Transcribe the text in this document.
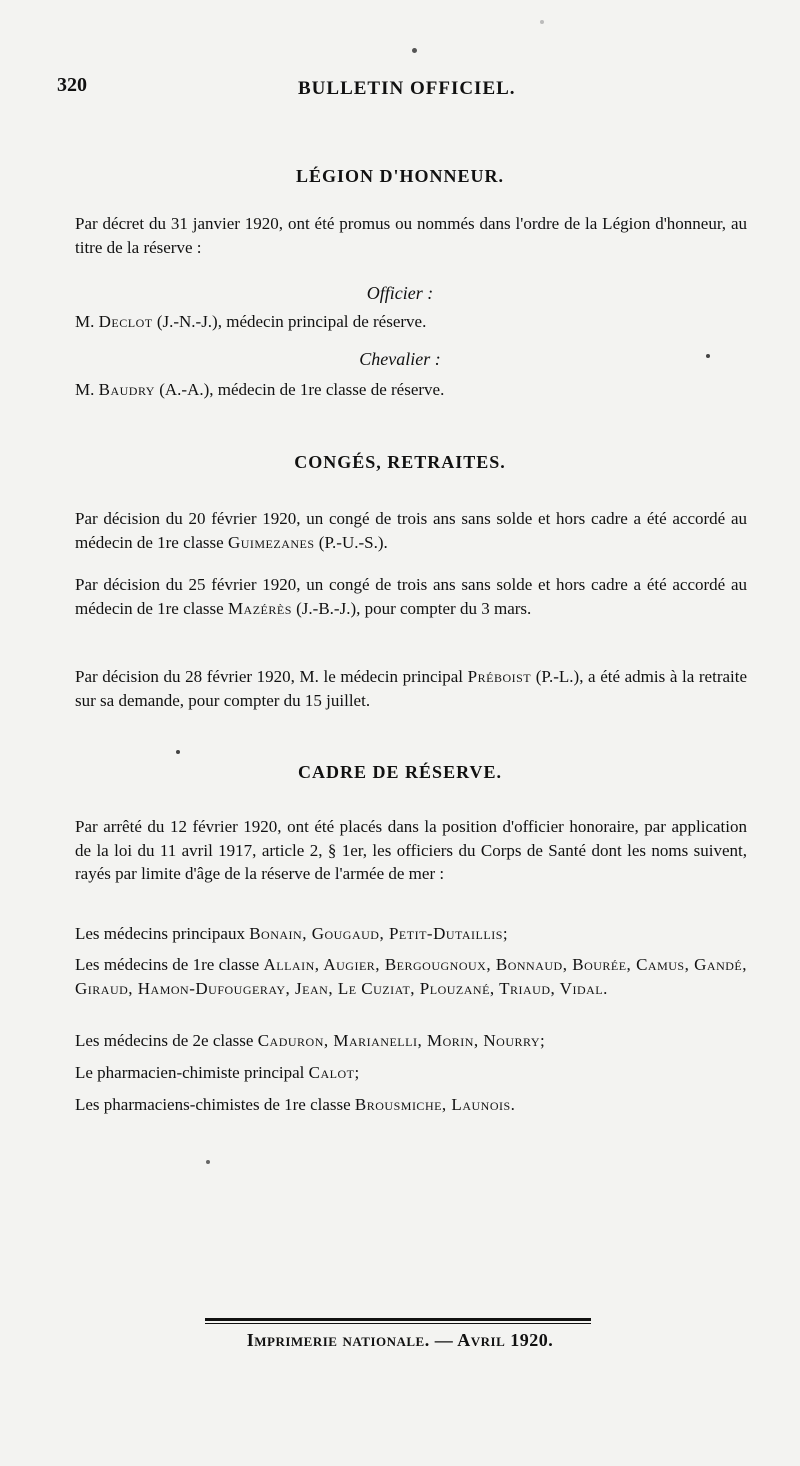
320	BULLETIN OFFICIEL.
LÉGION D'HONNEUR.
Par décret du 31 janvier 1920, ont été promus ou nommés dans l'ordre de la Légion d'honneur, au titre de la réserve :
Officier :
M. Declot (J.-N.-J.), médecin principal de réserve.
Chevalier :
M. Baudry (A.-A.), médecin de 1re classe de réserve.
CONGÉS, RETRAITES.
Par décision du 20 février 1920, un congé de trois ans sans solde et hors cadre a été accordé au médecin de 1re classe Guimezanes (P.-U.-S.).
Par décision du 25 février 1920, un congé de trois ans sans solde et hors cadre a été accordé au médecin de 1re classe Mazérès (J.-B.-J.), pour compter du 3 mars.
Par décision du 28 février 1920, M. le médecin principal Préboist (P.-L.), a été admis à la retraite sur sa demande, pour compter du 15 juillet.
CADRE DE RÉSERVE.
Par arrêté du 12 février 1920, ont été placés dans la position d'officier honoraire, par application de la loi du 11 avril 1917, article 2, § 1er, les officiers du Corps de Santé dont les noms suivent, rayés par limite d'âge de la réserve de l'armée de mer :
Les médecins principaux Bonain, Gougaud, Petit-Dutaillis;
Les médecins de 1re classe Allain, Augier, Bergougnoux, Bonnaud, Bourée, Camus, Gandé, Giraud, Hamon-Dufougeray, Jean, Le Cuziat, Plouzané, Triaud, Vidal.
Les médecins de 2e classe Caduron, Marianelli, Morin, Nourry;
Le pharmacien-chimiste principal Calot;
Les pharmaciens-chimistes de 1re classe Brousmiche, Launois.
Imprimerie nationale. — Avril 1920.
